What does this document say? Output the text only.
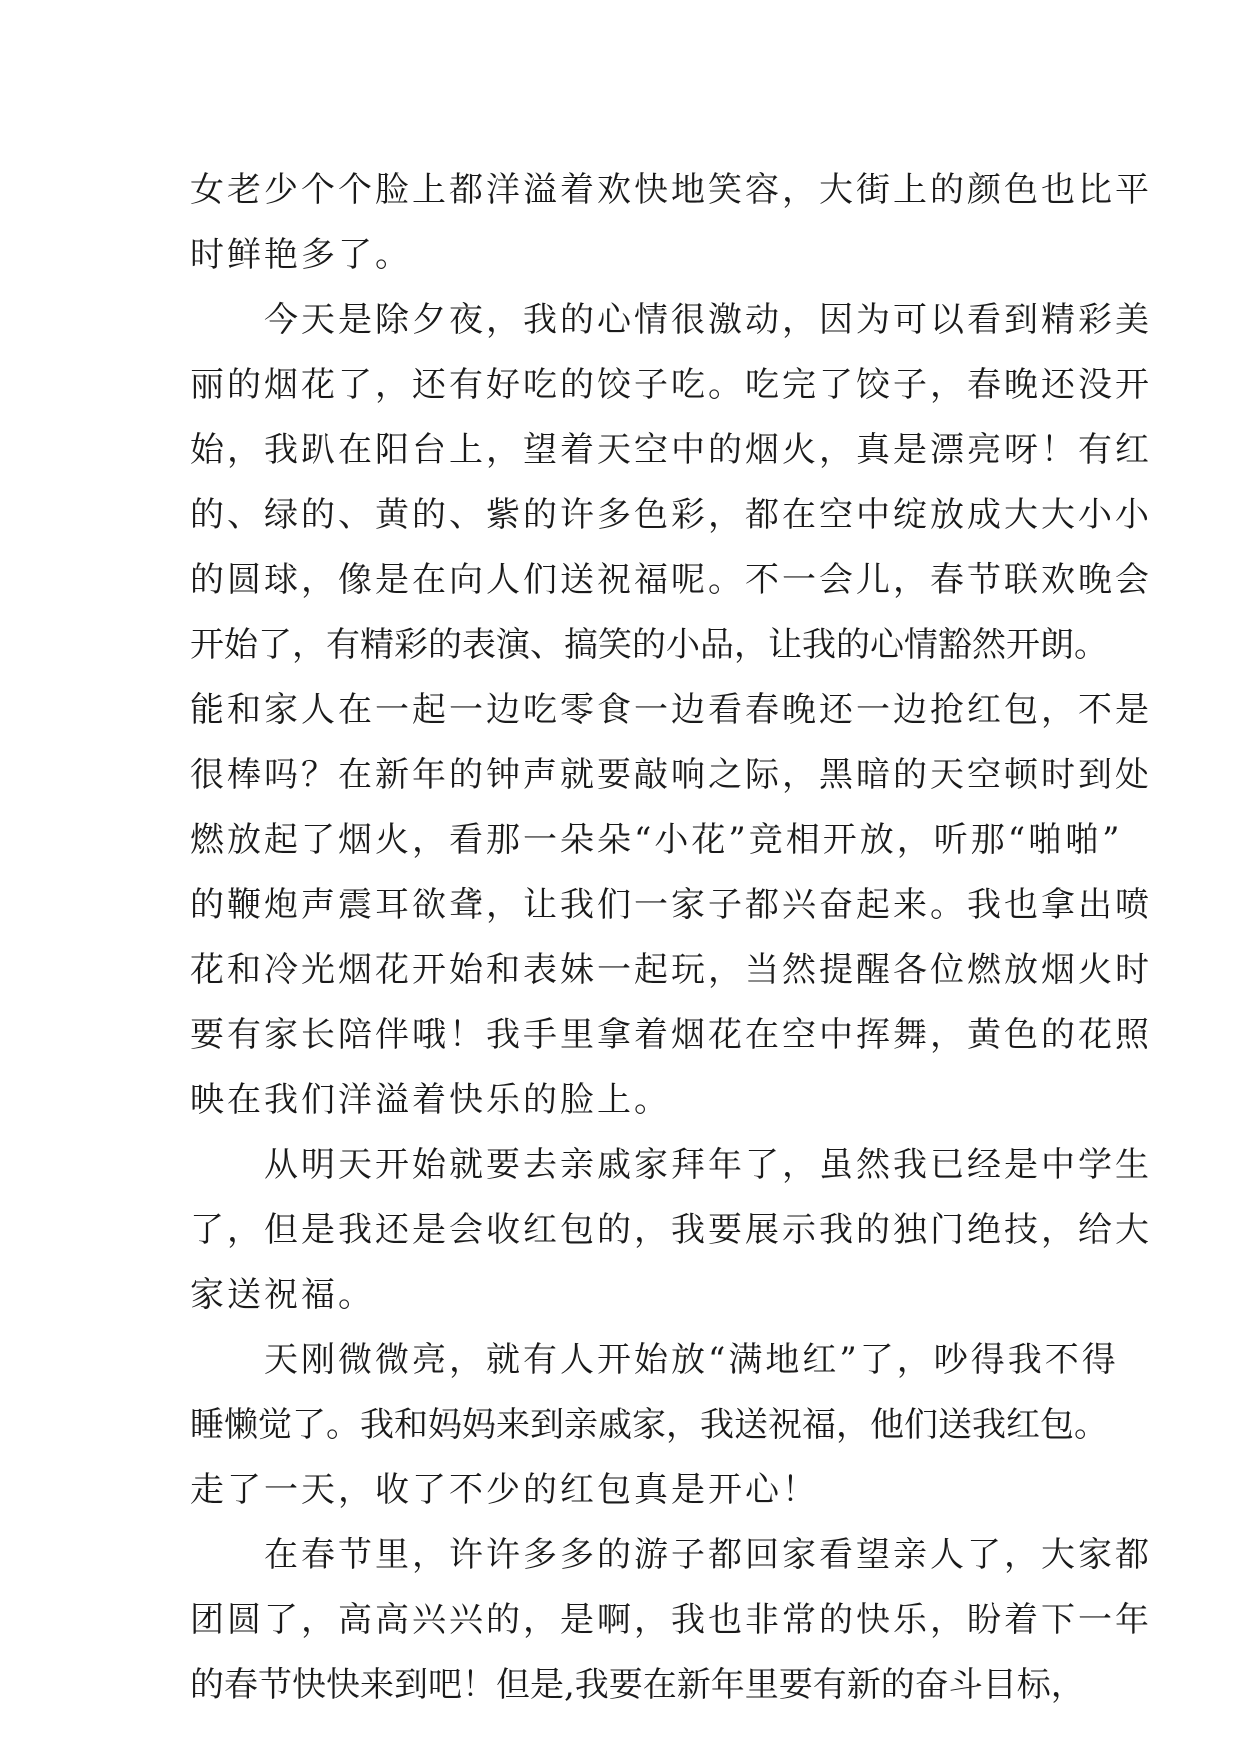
女老少个个脸上都洋溢着欢快地笑容，大街上的颜色也比平
时鲜艳多了。
　　今天是除夕夜，我的心情很激动，因为可以看到精彩美
丽的烟花了，还有好吃的饺子吃。吃完了饺子，春晚还没开
始，我趴在阳台上，望着天空中的烟火，真是漂亮呀！有红
的、绿的、黄的、紫的许多色彩，都在空中绽放成大大小小
的圆球，像是在向人们送祝福呢。不一会儿，春节联欢晚会
开始了，有精彩的表演、搞笑的小品，让我的心情豁然开朗。
能和家人在一起一边吃零食一边看春晚还一边抢红包，不是
很棒吗？在新年的钟声就要敲响之际，黑暗的天空顿时到处
燃放起了烟火，看那一朵朵“小花”竞相开放，听那“啪啪”
的鞭炮声震耳欲聋，让我们一家子都兴奋起来。我也拿出喷
花和冷光烟花开始和表妹一起玩，当然提醒各位燃放烟火时
要有家长陪伴哦！我手里拿着烟花在空中挥舞，黄色的花照
映在我们洋溢着快乐的脸上。
　　从明天开始就要去亲戚家拜年了，虽然我已经是中学生
了，但是我还是会收红包的，我要展示我的独门绝技，给大
家送祝福。
　　天刚微微亮，就有人开始放“满地红”了，吵得我不得
睡懒觉了。我和妈妈来到亲戚家，我送祝福，他们送我红包。
走了一天，收了不少的红包真是开心！
　　在春节里，许许多多的游子都回家看望亲人了，大家都
团圆了，高高兴兴的，是啊，我也非常的快乐，盼着下一年
的春节快快来到吧！但是,我要在新年里要有新的奋斗目标，
